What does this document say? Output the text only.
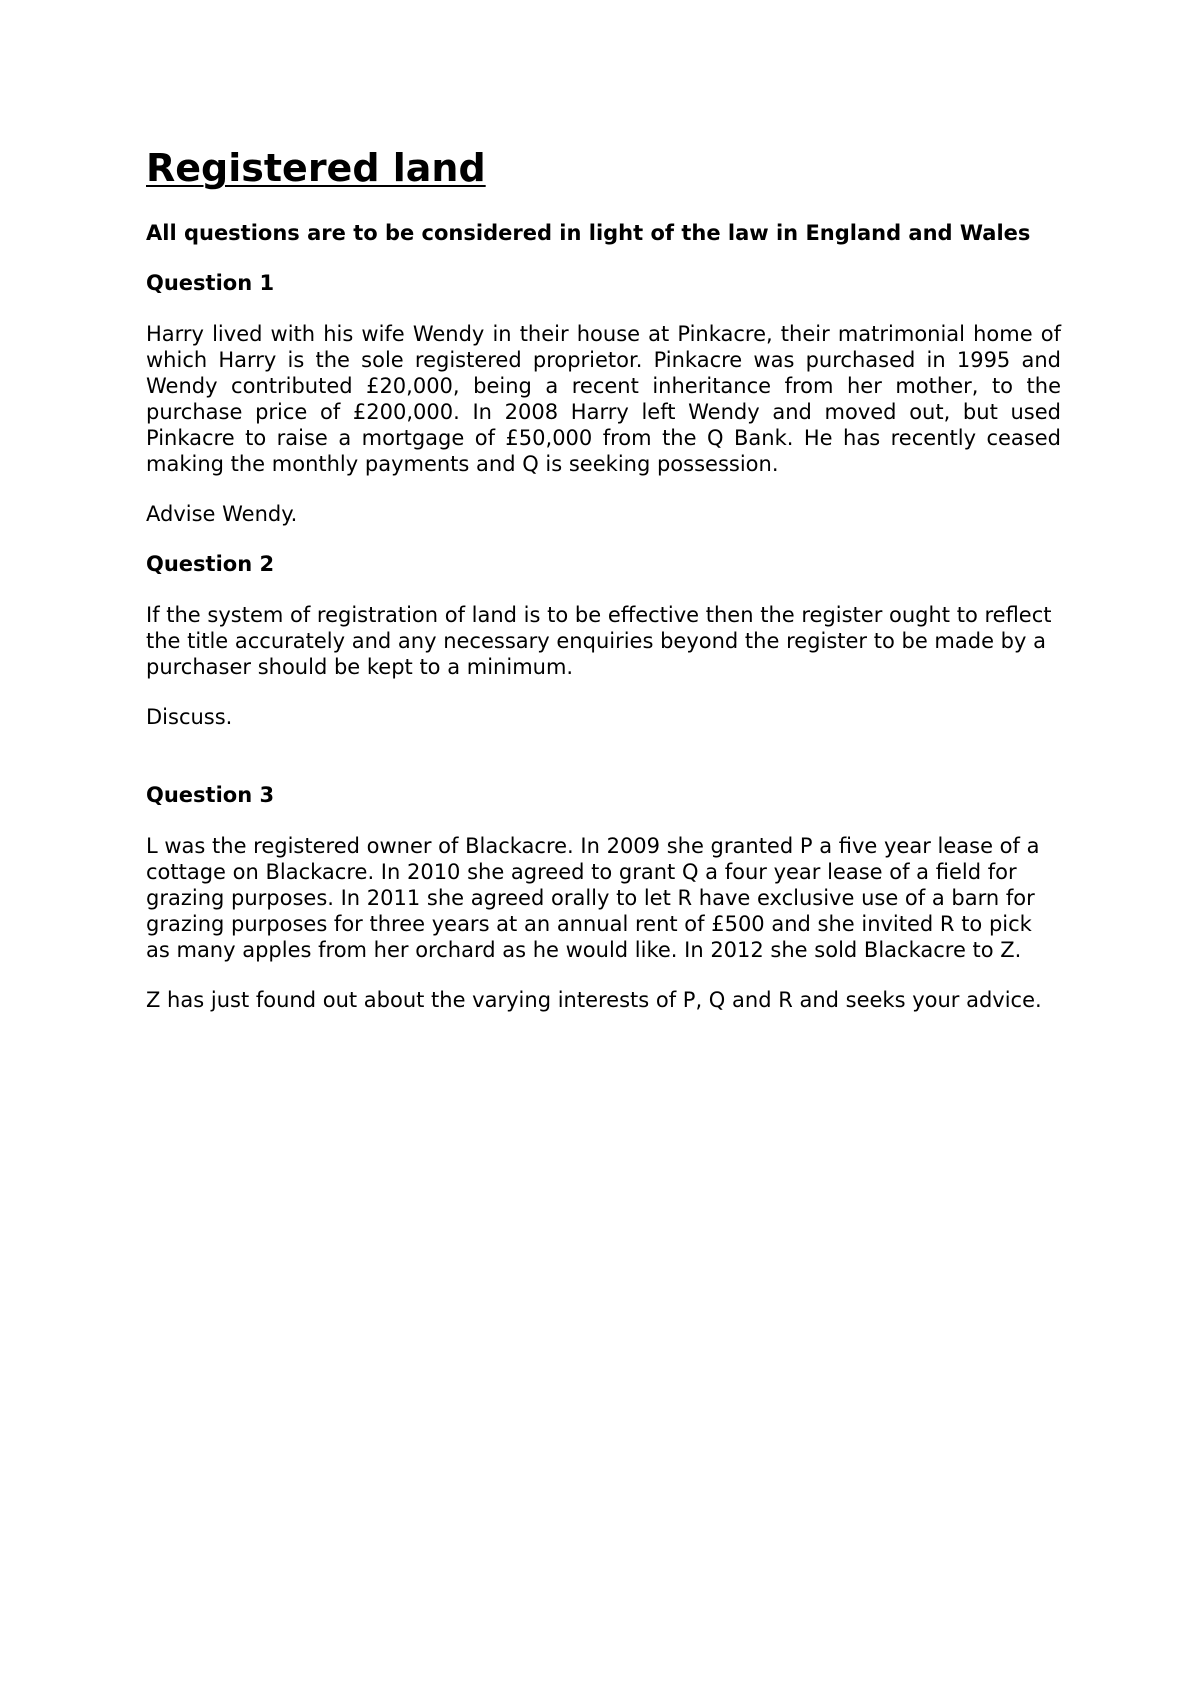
Registered land

All questions are to be considered in light of the law in England and Wales

Question 1

Harry lived with his wife Wendy in their house at Pinkacre, their matrimonial home of which Harry is the sole registered proprietor. Pinkacre was purchased in 1995 and Wendy contributed £20,000, being a recent inheritance from her mother, to the purchase price of £200,000. In 2008 Harry left Wendy and moved out, but used Pinkacre to raise a mortgage of £50,000 from the Q Bank. He has recently ceased making the monthly payments and Q is seeking possession.

Advise Wendy.

Question 2

If the system of registration of land is to be effective then the register ought to reflect the title accurately and any necessary enquiries beyond the register to be made by a purchaser should be kept to a minimum.

Discuss.

Question 3

L was the registered owner of Blackacre. In 2009 she granted P a five year lease of a cottage on Blackacre. In 2010 she agreed to grant Q a four year lease of a field for grazing purposes. In 2011 she agreed orally to let R have exclusive use of a barn for grazing purposes for three years at an annual rent of £500 and she invited R to pick as many apples from her orchard as he would like. In 2012 she sold Blackacre to Z.

Z has just found out about the varying interests of P, Q and R and seeks your advice.
